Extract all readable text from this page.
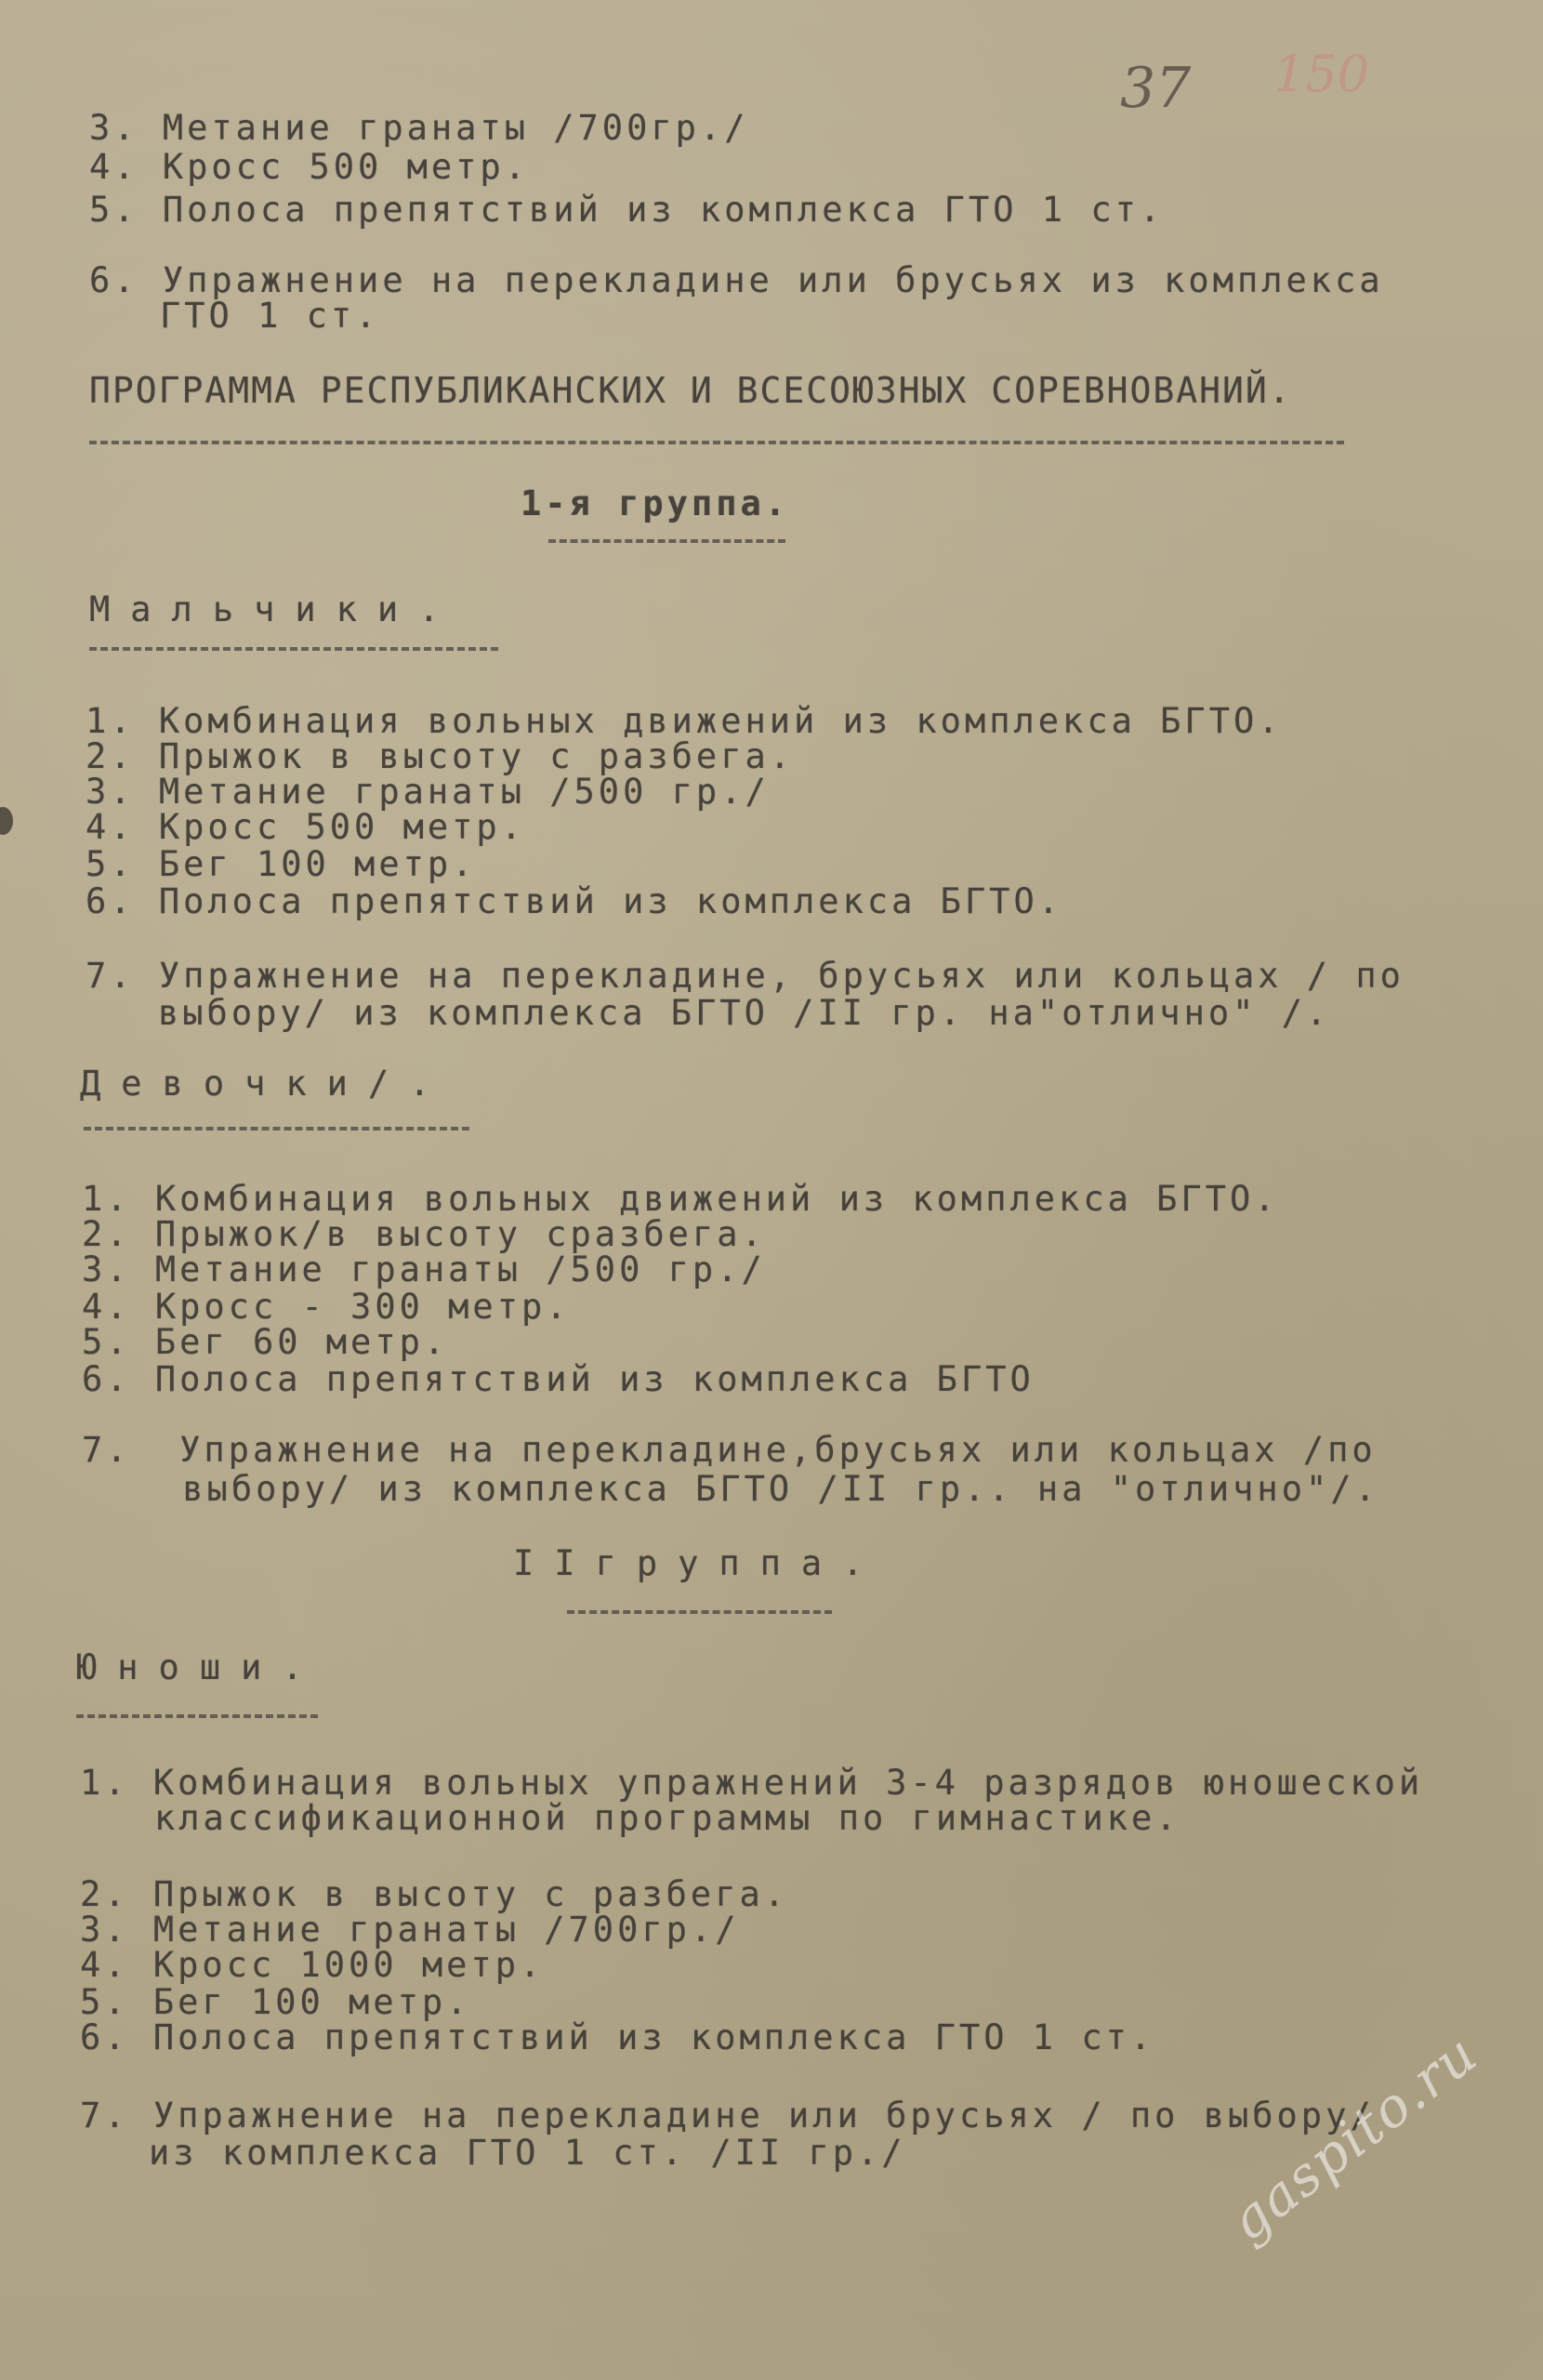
37 150
3. Метание гранаты /700гр./
4. Кросс 500 метр.
5. Полоса препятствий из комплекса ГТО 1 ст.
6. Упражнение на перекладине или брусьях из комплекса
ГТО 1 ст.
ПРОГРАММА РЕСПУБЛИКАНСКИХ И ВСЕСОЮЗНЫХ СОРЕВНОВАНИЙ.
1-я группа.
Мальчики.
1. Комбинация вольных движений из комплекса БГТО.
2. Прыжок в высоту с разбега.
3. Метание гранаты /500 гр./
4. Кросс 500 метр.
5. Бег 100 метр.
6. Полоса препятствий из комплекса БГТО.
7. Упражнение на перекладине, брусьях или кольцах / по
выбору/ из комплекса БГТО /II гр. на"отлично" /.
Девочки/.
1. Комбинация вольных движений из комплекса БГТО.
2. Прыжок/в высоту сразбега.
3. Метание гранаты /500 гр./
4. Кросс - 300 метр.
5. Бег 60 метр.
6. Полоса препятствий из комплекса БГТО
7.  Упражнение на перекладине,брусьях или кольцах /по
выбору/ из комплекса БГТО /II гр.. на "отлично"/.
IIгруппа.
Юноши.
1. Комбинация вольных упражнений 3-4 разрядов юношеской
классификационной программы по гимнастике.
2. Прыжок в высоту с разбега.
3. Метание гранаты /700гр./
4. Кросс 1000 метр.
5. Бег 100 метр.
6. Полоса препятствий из комплекса ГТО 1 ст.
7. Упражнение на перекладине или брусьях / по выбору/
из комплекса ГТО 1 ст. /II гр./	gaspito.ru
